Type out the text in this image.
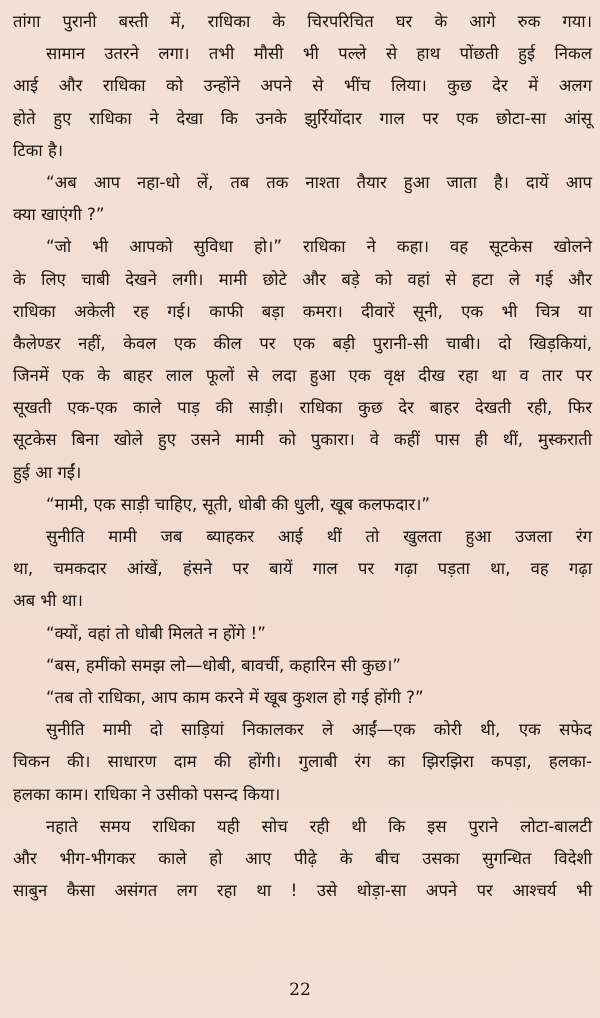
तांगा पुरानी बस्ती में, राधिका के चिरपरिचित घर के आगे रुक गया।
सामान उतरने लगा। तभी मौसी भी पल्ले से हाथ पोंछती हुई निकल
आई और राधिका को उन्होंने अपने से भींच लिया। कुछ देर में अलग
होते हुए राधिका ने देखा कि उनके झुर्रियोंदार गाल पर एक छोटा-सा आंसू
टिका है।
“अब आप नहा-धो लें, तब तक नाश्ता तैयार हुआ जाता है। दायें आप
क्या खाएंगी ?”
“जो भी आपको सुविधा हो।” राधिका ने कहा। वह सूटकेस खोलने
के लिए चाबी देखने लगी। मामी छोटे और बड़े को वहां से हटा ले गई और
राधिका अकेली रह गई। काफी बड़ा कमरा। दीवारें सूनी, एक भी चित्र या
कैलेण्डर नहीं, केवल एक कील पर एक बड़ी पुरानी-सी चाबी। दो खिड़कियां,
जिनमें एक के बाहर लाल फूलों से लदा हुआ एक वृक्ष दीख रहा था व तार पर
सूखती एक-एक काले पाड़ की साड़ी। राधिका कुछ देर बाहर देखती रही, फिर
सूटकेस बिना खोले हुए उसने मामी को पुकारा। वे कहीं पास ही थीं, मुस्कराती
हुई आ गईं।
“मामी, एक साड़ी चाहिए, सूती, धोबी की धुली, खूब कलफदार।”
सुनीति मामी जब ब्याहकर आई थीं तो खुलता हुआ उजला रंग
था, चमकदार आंखें, हंसने पर बायें गाल पर गढ़ा पड़ता था, वह गढ़ा
अब भी था।
“क्यों, वहां तो धोबी मिलते न होंगे !”
“बस, हमींको समझ लो—धोबी, बावर्ची, कहारिन सी कुछ।”
“तब तो राधिका, आप काम करने में खूब कुशल हो गई होंगी ?”
सुनीति मामी दो साड़ियां निकालकर ले आईं—एक कोरी थी, एक सफेद
चिकन की। साधारण दाम की होंगी। गुलाबी रंग का झिरझिरा कपड़ा, हलका-
हलका काम। राधिका ने उसीको पसन्द किया।
नहाते समय राधिका यही सोच रही थी कि इस पुराने लोटा-बालटी
और भीग-भीगकर काले हो आए पीढ़े के बीच उसका सुगन्धित विदेशी
साबुन कैसा असंगत लग रहा था ! उसे थोड़ा-सा अपने पर आश्चर्य भी
22
